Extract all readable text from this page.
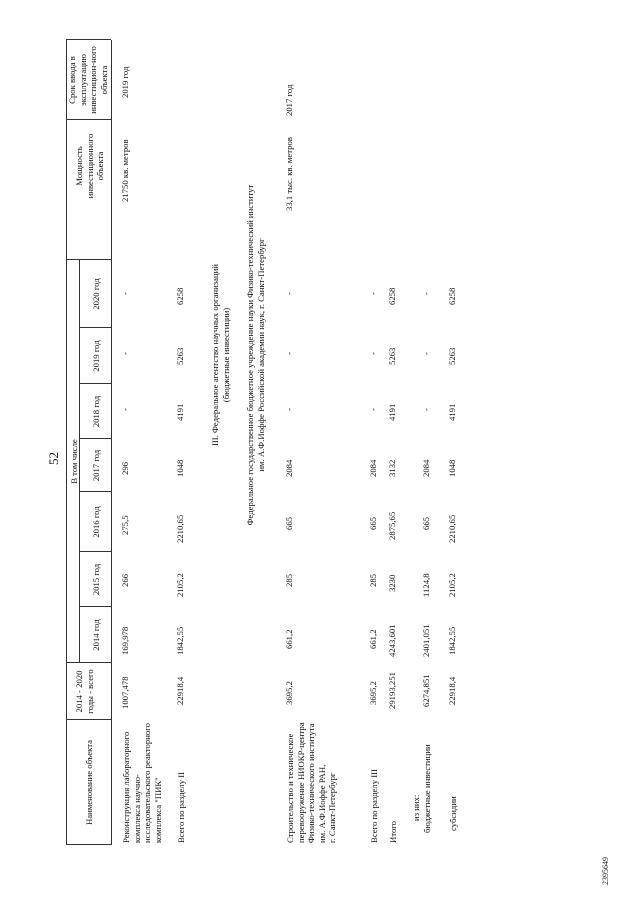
52
Наименование объекта
2014 - 2020 годы - всего
В том числе
2014 год
2015 год
2016 год
2017 год
2018 год
2019 год
2020 год
Мощность инвестиционного объекта
Срок ввода в эксплуатацию инвестицион-ного объекта
Реконструкция лабораторного комплекса научно- исследовательского реакторного комплекса "ПИК"
1007,478
169,978
266
275,5
296
-
-
-
21750 кв. метров
2019 год
Всего по разделу II
22918,4
1842,55
2105,2
2210,65
1048
4191
5263
6258	III. Федеральное агентство научных организаций (бюджетные инвестиции) Федеральное государственное бюджетное учреждение науки Физико-технический институт им. А.Ф.Иоффе Российской академии наук, г. Санкт-Петербург
Строительство и техническое перевооружение НИОКР-центра Физико-технического института им. А.Ф.Иоффе РАН, г. Санкт-Петербург
3695,2
661,2
285
665
2084
-
-
-
33,1 тыс. кв. метров
2017 год
Всего по разделу III
3695,2
661,2
285
665
2084
-
-
-
Итого
29193,251
4243,601
3230
2875,65
3132
4191
5263
6258
из них: бюджетные инвестиции
6274,851
2401,051
1124,8
665
2084
-
-
-
субсидии
22918,4
1842,55
2105,2
2210,65
1048
4191
5263
6258
2395649
